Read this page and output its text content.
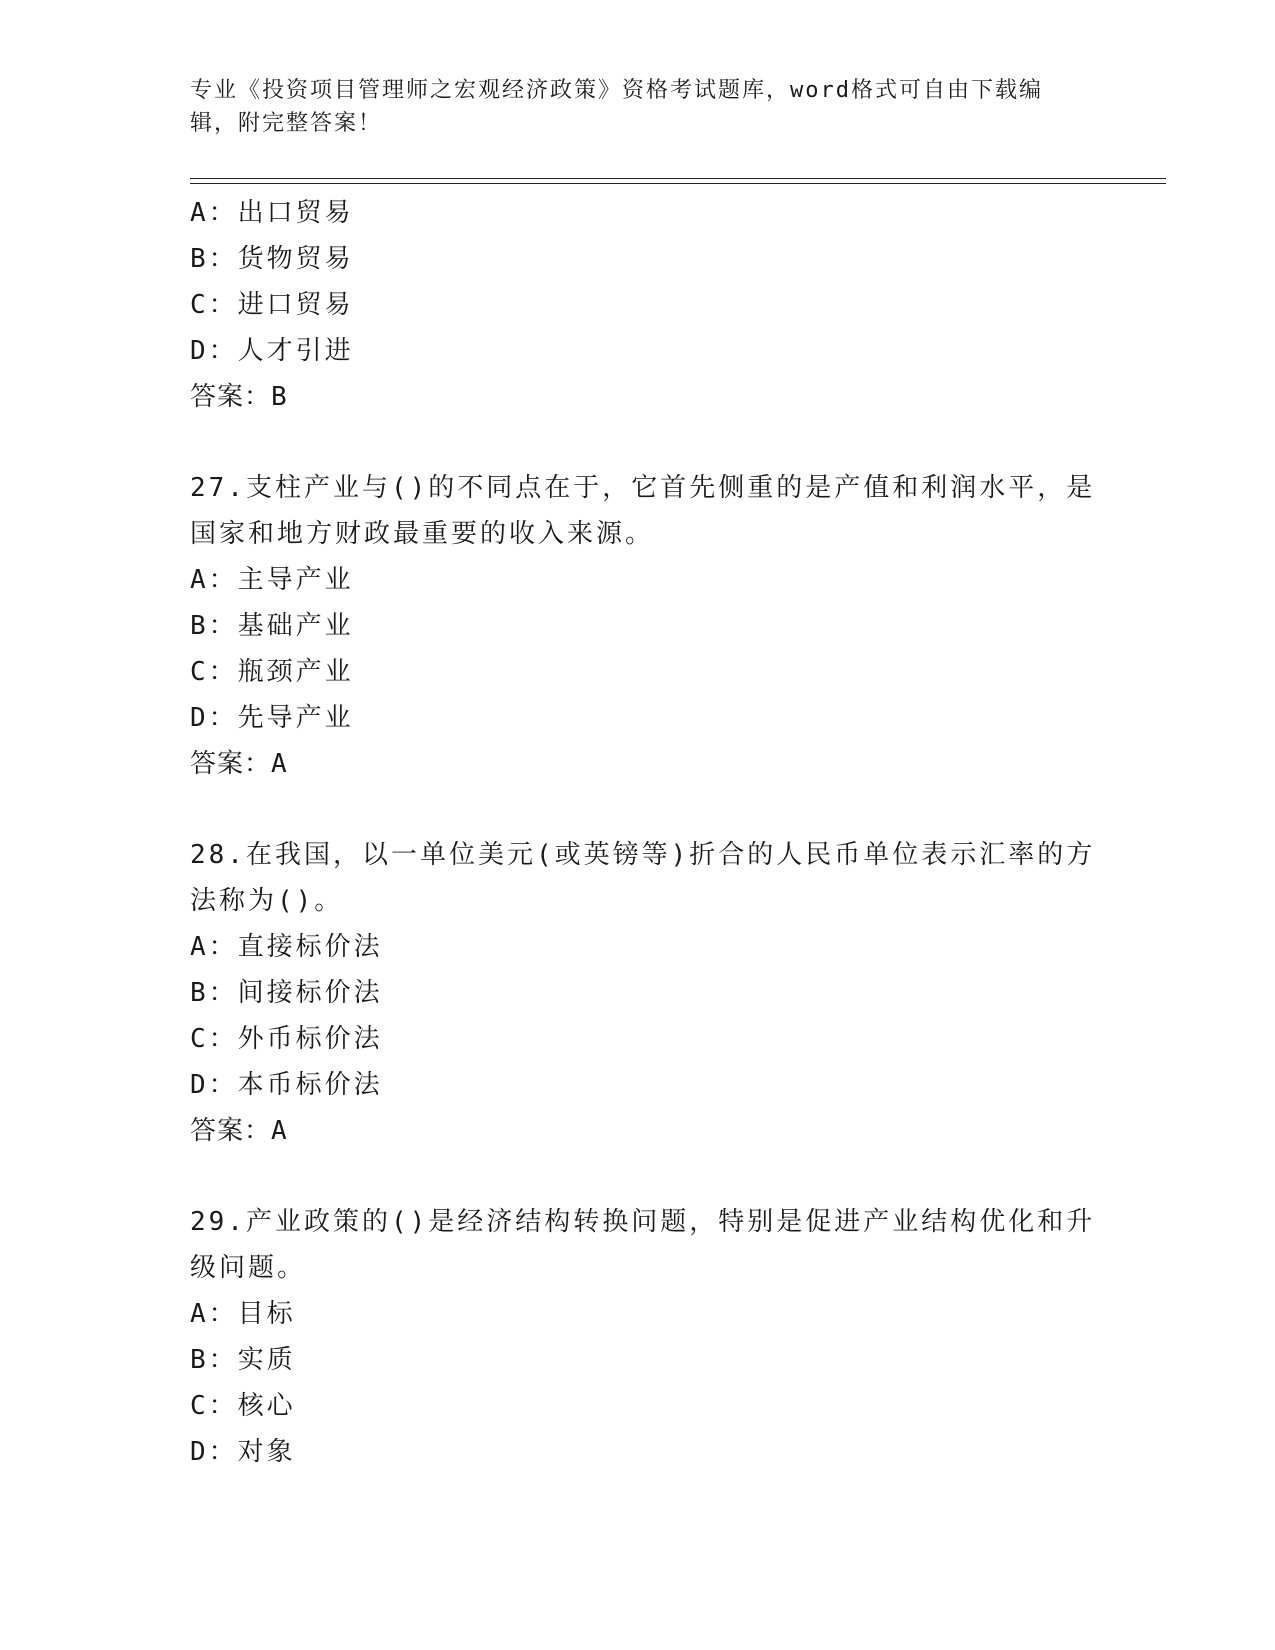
专业《投资项目管理师之宏观经济政策》资格考试题库，word格式可自由下载编
辑，附完整答案！
A：出口贸易
B：货物贸易
C：进口贸易
D：人才引进
答案：B
27.支柱产业与()的不同点在于，它首先侧重的是产值和利润水平，是
国家和地方财政最重要的收入来源。
A：主导产业
B：基础产业
C：瓶颈产业
D：先导产业
答案：A
28.在我国，以一单位美元(或英镑等)折合的人民币单位表示汇率的方
法称为()。
A：直接标价法
B：间接标价法
C：外币标价法
D：本币标价法
答案：A
29.产业政策的()是经济结构转换问题，特别是促进产业结构优化和升
级问题。
A：目标
B：实质
C：核心
D：对象
